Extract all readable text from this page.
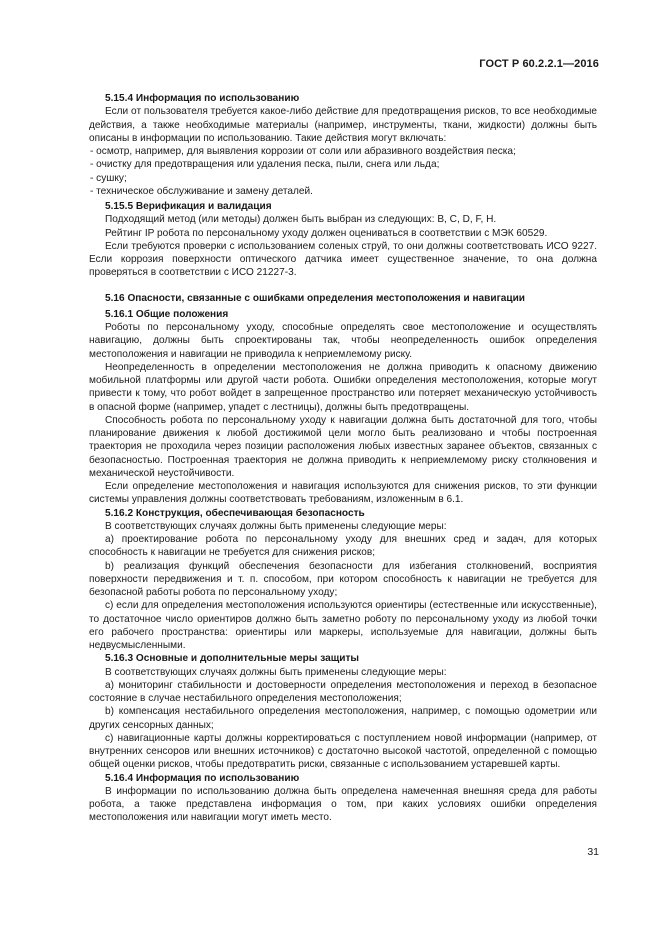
ГОСТ Р 60.2.2.1—2016
5.15.4 Информация по использованию

Если от пользователя требуется какое-либо действие для предотвращения рисков, то все необходимые действия, а также необходимые материалы (например, инструменты, ткани, жидкости) должны быть описаны в информации по использованию. Такие действия могут включать:

- осмотр, например, для выявления коррозии от соли или абразивного воздействия песка;
- очистку для предотвращения или удаления песка, пыли, снега или льда;
- сушку;
- техническое обслуживание и замену деталей.
5.15.5 Верификация и валидация

Подходящий метод (или методы) должен быть выбран из следующих: B, C, D, F, H.

Рейтинг IP робота по персональному уходу должен оцениваться в соответствии с МЭК 60529.

Если требуются проверки с использованием соленых струй, то они должны соответствовать ИСО 9227. Если коррозия поверхности оптического датчика имеет существенное значение, то она должна проверяться в соответствии с ИСО 21227-3.

5.16 Опасности, связанные с ошибками определения местоположения и навигации
5.16.1 Общие положения

Роботы по персональному уходу, способные определять свое местоположение и осуществлять навигацию, должны быть спроектированы так, чтобы неопределенность ошибок определения местоположения и навигации не приводила к неприемлемому риску.

Неопределенность в определении местоположения не должна приводить к опасному движению мобильной платформы или другой части робота. Ошибки определения местоположения, которые могут привести к тому, что робот войдет в запрещенное пространство или потеряет механическую устойчивость в опасной форме (например, упадет с лестницы), должны быть предотвращены.

Способность робота по персональному уходу к навигации должна быть достаточной для того, чтобы планирование движения к любой достижимой цели могло быть реализовано и чтобы построенная траектория не проходила через позиции расположения любых известных заранее объектов, связанных с безопасностью. Построенная траектория не должна приводить к неприемлемому риску столкновения и механической неустойчивости.

Если определение местоположения и навигация используются для снижения рисков, то эти функции системы управления должны соответствовать требованиям, изложенным в 6.1.

5.16.2 Конструкция, обеспечивающая безопасность

В соответствующих случаях должны быть применены следующие меры:

а) проектирование робота по персональному уходу для внешних сред и задач, для которых способность к навигации не требуется для снижения рисков;

b) реализация функций обеспечения безопасности для избегания столкновений, восприятия поверхности передвижения и т. п. способом, при котором способность к навигации не требуется для безопасной работы робота по персональному уходу;

с) если для определения местоположения используются ориентиры (естественные или искусственные), то достаточное число ориентиров должно быть заметно роботу по персональному уходу из любой точки его рабочего пространства: ориентиры или маркеры, используемые для навигации, должны быть недвусмысленными.

5.16.3 Основные и дополнительные меры защиты

В соответствующих случаях должны быть применены следующие меры:

а) мониторинг стабильности и достоверности определения местоположения и переход в безопасное состояние в случае нестабильного определения местоположения;

b) компенсация нестабильного определения местоположения, например, с помощью одометрии или других сенсорных данных;

с) навигационные карты должны корректироваться с поступлением новой информации (например, от внутренних сенсоров или внешних источников) с достаточно высокой частотой, определенной с помощью общей оценки рисков, чтобы предотвратить риски, связанные с использованием устаревшей карты.

5.16.4 Информация по использованию

В информации по использованию должна быть определена намеченная внешняя среда для работы робота, а также представлена информация о том, при каких условиях ошибки определения местоположения или навигации могут иметь место.

31
